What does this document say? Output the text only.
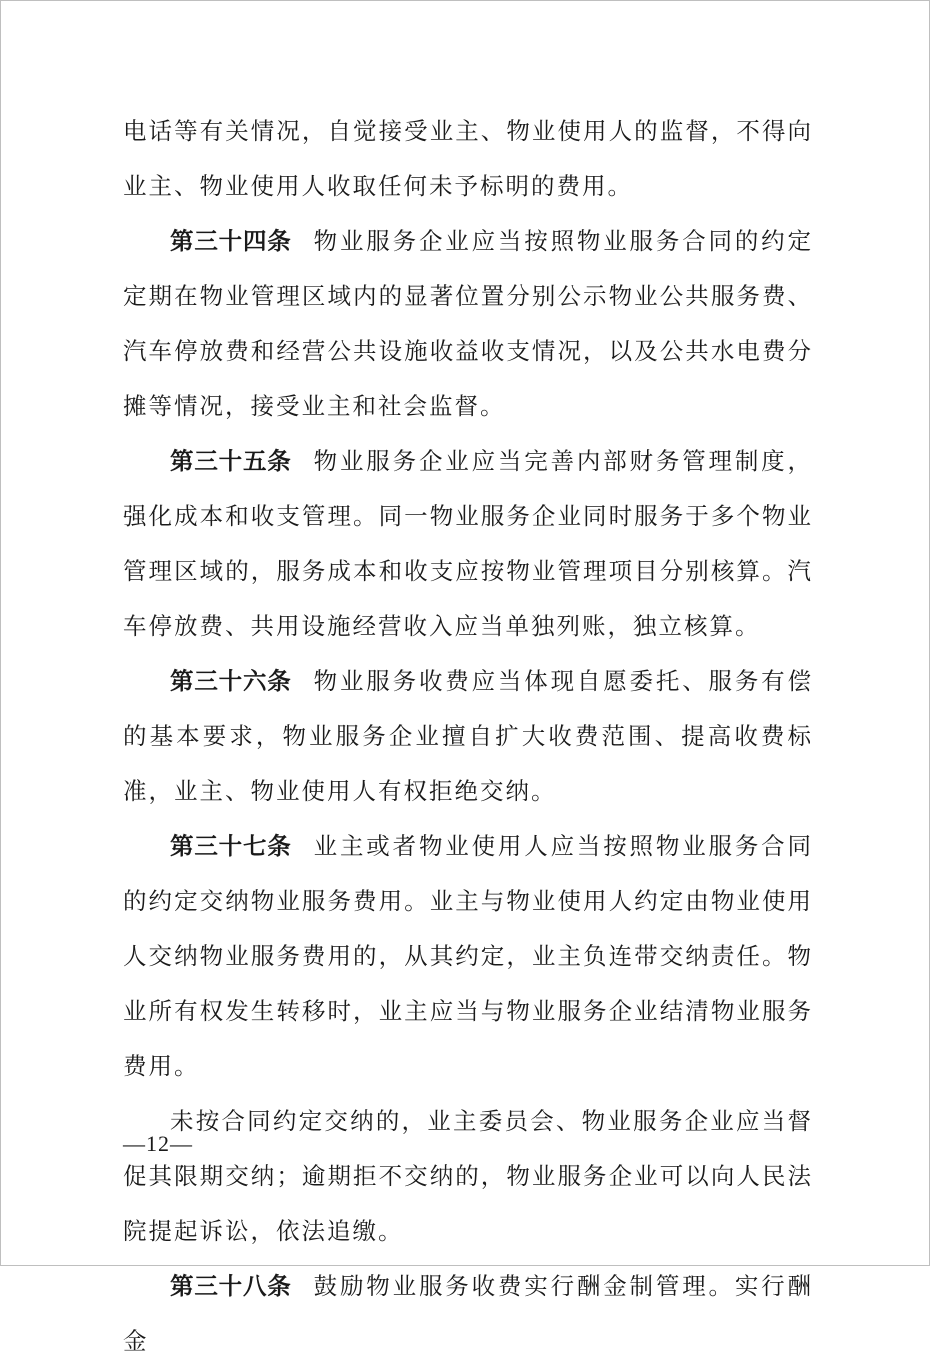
电话等有关情况，自觉接受业主、物业使用人的监督，不得向业主、物业使用人收取任何未予标明的费用。

第三十四条 物业服务企业应当按照物业服务合同的约定定期在物业管理区域内的显著位置分别公示物业公共服务费、汽车停放费和经营公共设施收益收支情况，以及公共水电费分摊等情况，接受业主和社会监督。

第三十五条 物业服务企业应当完善内部财务管理制度，强化成本和收支管理。同一物业服务企业同时服务于多个物业管理区域的，服务成本和收支应按物业管理项目分别核算。汽车停放费、共用设施经营收入应当单独列账，独立核算。

第三十六条 物业服务收费应当体现自愿委托、服务有偿的基本要求，物业服务企业擅自扩大收费范围、提高收费标准，业主、物业使用人有权拒绝交纳。

第三十七条 业主或者物业使用人应当按照物业服务合同的约定交纳物业服务费用。业主与物业使用人约定由物业使用人交纳物业服务费用的，从其约定，业主负连带交纳责任。物业所有权发生转移时，业主应当与物业服务企业结清物业服务费用。

未按合同约定交纳的，业主委员会、物业服务企业应当督促其限期交纳；逾期拒不交纳的，物业服务企业可以向人民法院提起诉讼，依法追缴。

第三十八条 鼓励物业服务收费实行酬金制管理。实行酬金

—12—
